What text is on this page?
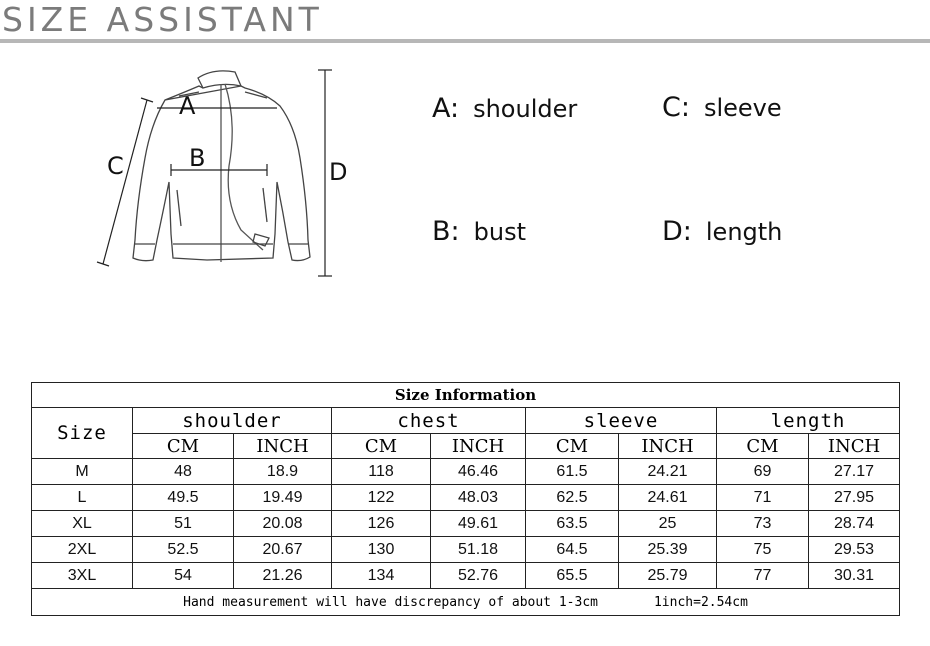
SIZE ASSISTANT
A
B
C	D
A: shoulder
B: bust
C: sleeve
D: length
Size Information								
Size	shoulder		chest		sleeve		length	
	CM	INCH	CM	INCH	CM	INCH	CM	INCH
M	48	18.9	118	46.46	61.5	24.21	69	27.17
L	49.5	19.49	122	48.03	62.5	24.61	71	27.95
XL	51	20.08	126	49.61	63.5	25	73	28.74
2XL	52.5	20.67	130	51.18	64.5	25.39	75	29.53
3XL	54	21.26	134	52.76	65.5	25.79	77	30.31
Hand measurement will have discrepancy of about 1-3cm 1inch=2.54cm								
